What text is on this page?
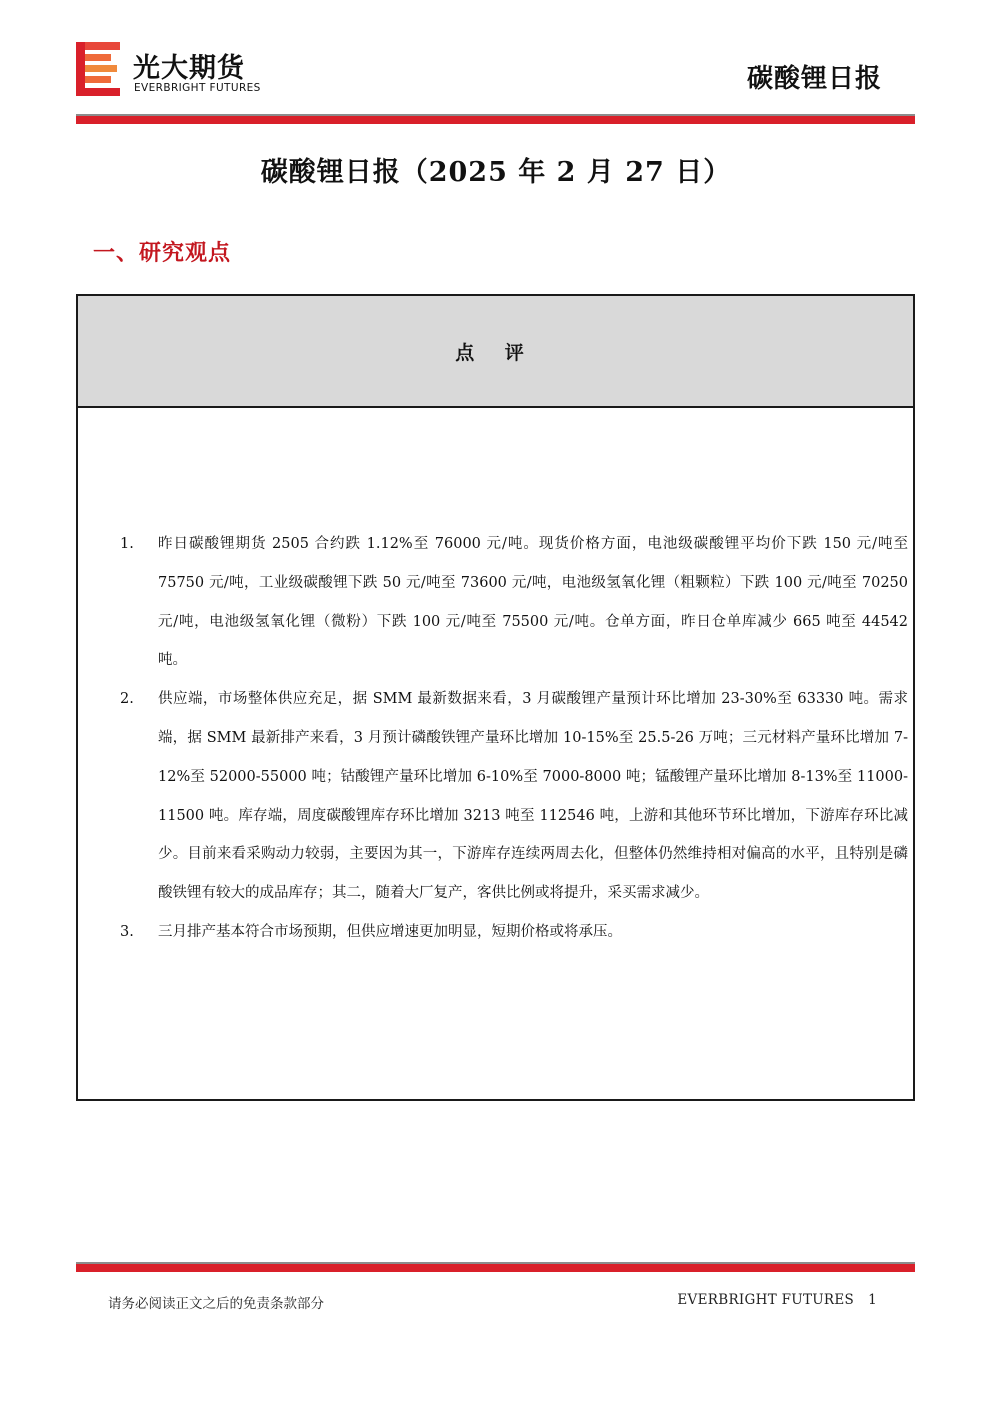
光大期货
EVERBRIGHT FUTURES	碳酸锂日报
碳酸锂日报（2025 年 2 月 27 日）
一、研究观点
点 评
1. 昨日碳酸锂期货 2505 合约跌 1.12%至 76000 元/吨。现货价格方面，电池级碳酸锂平均价下跌 150 元/吨至 75750 元/吨，工业级碳酸锂下跌 50 元/吨至 73600 元/吨，电池级氢氧化锂（粗颗粒）下跌 100 元/吨至 70250 元/吨，电池级氢氧化锂（微粉）下跌 100 元/吨至 75500 元/吨。仓单方面，昨日仓单库减少 665 吨至 44542 吨。
2. 供应端，市场整体供应充足，据 SMM 最新数据来看，3 月碳酸锂产量预计环比增加 23-30%至 63330 吨。需求端，据 SMM 最新排产来看，3 月预计磷酸铁锂产量环比增加 10-15%至 25.5-26 万吨；三元材料产量环比增加 7-12%至 52000-55000 吨；钴酸锂产量环比增加 6-10%至 7000-8000 吨；锰酸锂产量环比增加 8-13%至 11000-11500 吨。库存端，周度碳酸锂库存环比增加 3213 吨至 112546 吨，上游和其他环节环比增加，下游库存环比减少。目前来看采购动力较弱，主要因为其一，下游库存连续两周去化，但整体仍然维持相对偏高的水平，且特别是磷酸铁锂有较大的成品库存；其二，随着大厂复产，客供比例或将提升，采买需求减少。
3. 三月排产基本符合市场预期，但供应增速更加明显，短期价格或将承压。
请务必阅读正文之后的免责条款部分	EVERBRIGHT FUTURES 1
